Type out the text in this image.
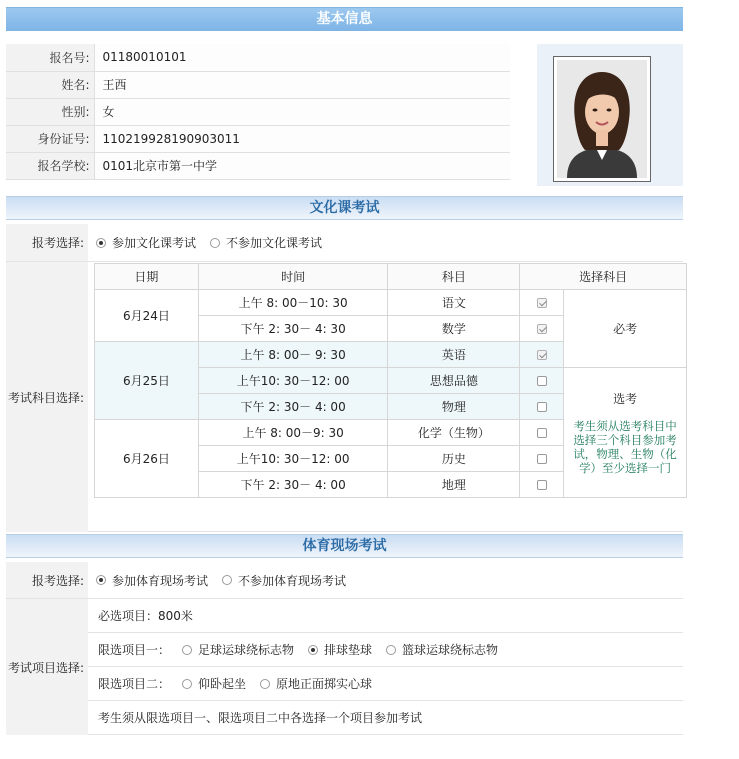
基本信息
报名号:	01180010101
姓名:	王西
性别:	女
身份证号:	110219928190903011
报名学校:	0101北京市第一中学
文化课考试
报考选择:	参加文化课考试	不参加文化课考试
考试科目选择:
日期	时间	科目	选择科目	
6月24日	上午 8: 00－10: 30	语文		必考
	下午 2: 30－ 4: 30	数学		
6月25日	上午 8: 00－ 9: 30	英语		
	上午10: 30－12: 00	思想品德		选考
考生须从选考科目中选择三个科目参加考试，物理、生物（化学）至少选择一门

	下午 2: 30－ 4: 00	物理		
6月26日	上午 8: 00－9: 30	化学（生物）		
	上午10: 30－12: 00	历史		
	下午 2: 30－ 4: 00	地理		
体育现场考试
报考选择:	参加体育现场考试	不参加体育现场考试
考试项目选择:
必选项目：800米
限选项目一： 足球运球绕标志物	排球垫球	篮球运球绕标志物
限选项目二： 仰卧起坐	原地正面掷实心球
考生须从限选项目一、限选项目二中各选择一个项目参加考试
